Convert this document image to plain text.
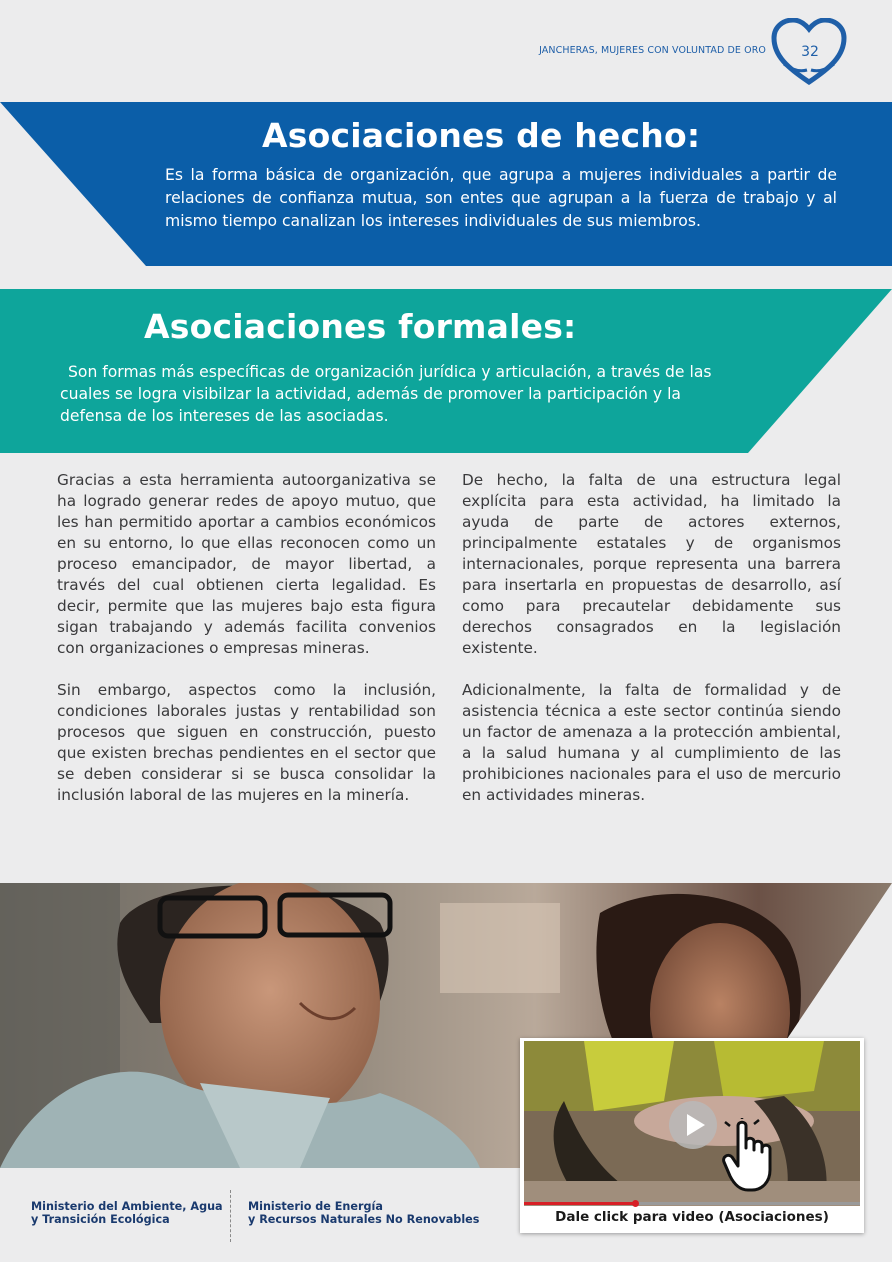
JANCHERAS, MUJERES CON VOLUNTAD DE ORO	32
Asociaciones de hecho:
Es la forma básica de organización, que agrupa a mujeres individuales a partir de relaciones de confianza mutua, son entes que agrupan a la fuerza de trabajo y al mismo tiempo canalizan los intereses individuales de sus miembros.
Asociaciones formales:
Son formas más específicas de organización jurídica y articulación, a través de las cuales se logra visibilzar la actividad, además de promover la participación y la defensa de los intereses de las asociadas.

Gracias a esta herramienta autoorganizativa se ha logrado generar redes de apoyo mutuo, que les han permitido aportar a cambios económicos en su entorno, lo que ellas reconocen como un proceso emancipador, de mayor libertad, a través del cual obtienen cierta legalidad. Es decir, permite que las mujeres bajo esta figura sigan trabajando y además facilita convenios con organizaciones o empresas mineras.

Sin embargo, aspectos como la inclusión, condiciones laborales justas y rentabilidad son procesos que siguen en construcción, puesto que existen brechas pendientes en el sector que se deben considerar si se busca consolidar la inclusión laboral de las mujeres en la minería.

De hecho, la falta de una estructura legal explícita para esta actividad, ha limitado la ayuda de parte de actores externos, principalmente estatales y de organismos internacionales, porque representa una barrera para insertarla en propuestas de desarrollo, así como para precautelar debidamente sus derechos consagrados en la legislación existente.

Adicionalmente, la falta de formalidad y de asistencia técnica a este sector continúa siendo un factor de amenaza a la protección ambiental, a la salud humana y al cumplimiento de las prohibiciones nacionales para el uso de mercurio en actividades mineras.

Ministerio del Ambiente, Agua
y Transición Ecológica
Ministerio de Energía
y Recursos Naturales No Renovables	Dale click para video (Asociaciones)
